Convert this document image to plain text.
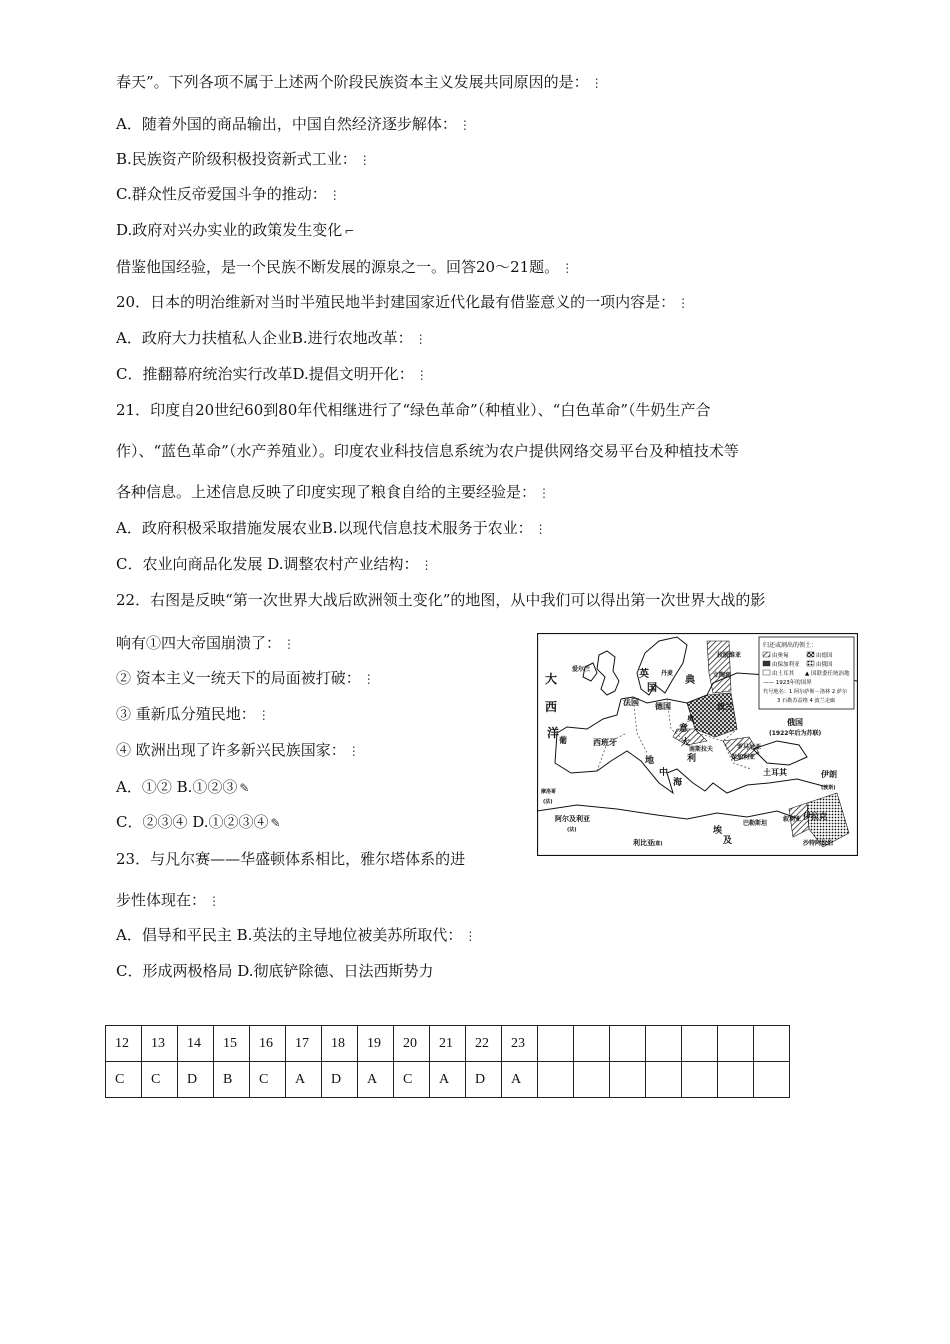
春天”。下列各项不属于上述两个阶段民族资本主义发展共同原因的是： ⋮
A．随着外国的商品输出，中国自然经济逐步解体： ⋮
B.民族资产阶级积极投资新式工业： ⋮
C.群众性反帝爱国斗争的推动： ⋮
D.政府对兴办实业的政策发生变化 ⌐
借鉴他国经验，是一个民族不断发展的源泉之一。回答20～21题。 ⋮
20．日本的明治维新对当时半殖民地半封建国家近代化最有借鉴意义的一项内容是： ⋮
A．政府大力扶植私人企业B.进行农地改革： ⋮
C．推翻幕府统治实行改革D.提倡文明开化： ⋮
21．印度自20世纪60到80年代相继进行了“绿色革命”（种植业）、“白色革命”（牛奶生产合
作）、“蓝色革命”（水产养殖业）。印度农业科技信息系统为农户提供网络交易平台及种植技术等
各种信息。上述信息反映了印度实现了粮食自给的主要经验是： ⋮
A．政府积极采取措施发展农业B.以现代信息技术服务于农业： ⋮
C．农业向商品化发展 D.调整农村产业结构： ⋮
22．右图是反映“第一次世界大战后欧洲领土变化”的地图，从中我们可以得出第一次世界大战的影
响有①四大帝国崩溃了： ⋮
② 资本主义一统天下的局面被打破： ⋮
③ 重新瓜分殖民地： ⋮
④ 欧洲出现了许多新兴民族国家： ⋮
A．①② B.①②③ ✎
C．②③④ D.①②③④ ✎
23．与凡尔赛——华盛顿体系相比，雅尔塔体系的进
步性体现在： ⋮
A．倡导和平民主 B.英法的主导地位被美苏所取代： ⋮
C．形成两极格局 D.彻底铲除德、日法西斯势力
归还或割出的领土：
由奥匈	由德国
由保加利亚	由俄国
由土耳其 ▲ 国联委任统治地
—— 1923年的国界
代号地名：1 阿尔萨斯－洛林 2 萨尔
3 石勒苏益格 4 波兰走廊
大
西
洋
爱尔兰	英
国
法国 德国	波兰
丹麦
典
拉脱维亚
立陶宛
俄国
(1922年后为苏联)
西班牙
葡
意
大
利
地
中
海
奥
南斯拉夫	罗马尼亚
保加利亚
土耳其	伊朗
(波斯)
摩洛哥
(法)
阿尔及利亚
(法)
利比亚 (意)
埃
及
伊拉克
叙利亚
巴勒斯坦
沙特阿拉伯
12	13	14	15	16	17	18	19	20	21	22	23							
C	C	D	B	C	A	D	A	C	A	D	A							
